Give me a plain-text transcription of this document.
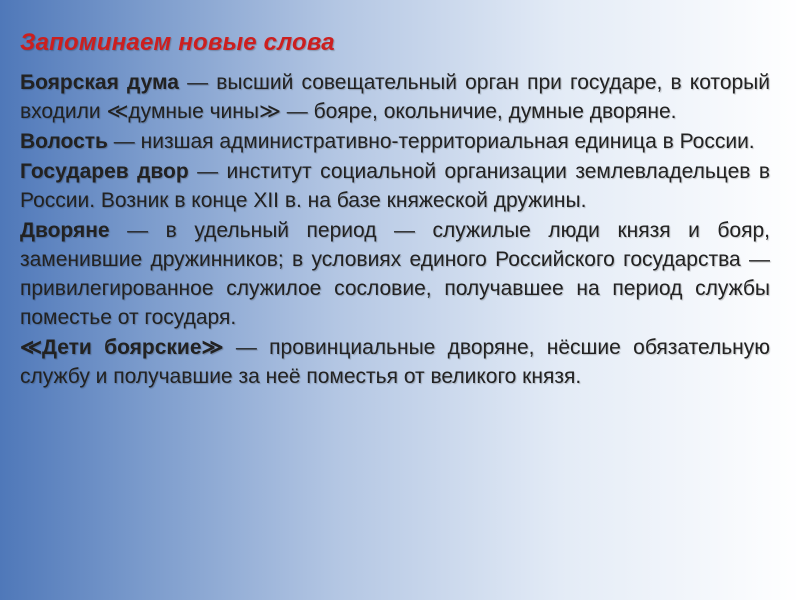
Запоминаем новые слова

Боярская дума — высший совещательный орган при государе, в который входили ≪думные чины≫ — бояре, окольничие, думные дворяне.

Волость — низшая административно-территориальная единица в России.

Государев двор — институт социальной организации землевладельцев в России. Возник в конце XII в. на базе княжеской дружины.

Дворяне — в удельный период — служилые люди князя и бояр, заменившие дружинников; в условиях единого Российского государства — привилегированное служилое сословие, получавшее на период службы поместье от государя.

≪Дети боярские≫ — провинциальные дворяне, нёсшие обязательную службу и получавшие за неё поместья от великого князя.
